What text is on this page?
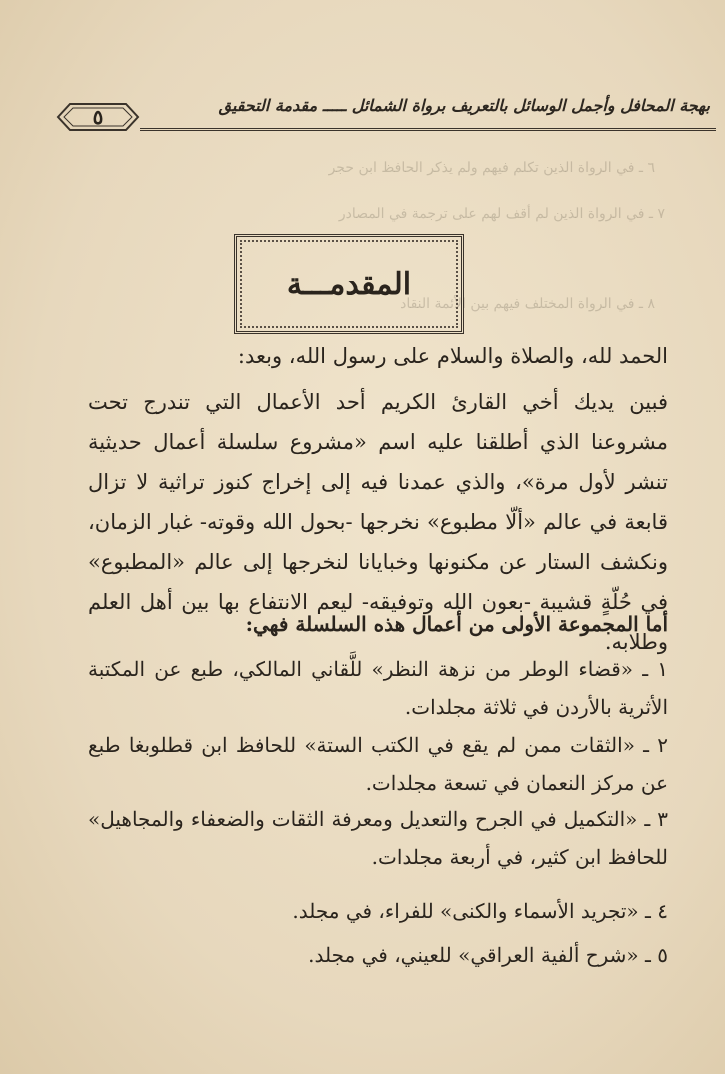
٥	بهجة المحافل وأجمل الوسائل بالتعريف برواة الشمائل ـــــ مقدمة التحقيق
٦ ـ في الرواة الذين تكلم فيهم ولم يذكر الحافظ ابن حجر
٧ ـ في الرواة الذين لم أقف لهم على ترجمة في المصادر
٨ ـ في الرواة المختلف فيهم بين الأئمة النقاد
المقدمـــة
الحمد لله، والصلاة والسلام على رسول الله، وبعد:
فبين يديك أخي القارئ الكريم أحد الأعمال التي تندرج تحت مشروعنا الذي أطلقنا عليه اسم «مشروع سلسلة أعمال حديثية تنشر لأول مرة»، والذي عمدنا فيه إلى إخراج كنوز تراثية لا تزال قابعة في عالم «ألّا مطبوع» نخرجها -بحول الله وقوته- غبار الزمان، ونكشف الستار عن مكنونها وخبايانا لنخرجها إلى عالم «المطبوع» في حُلّةٍ قشيبة -بعون الله وتوفيقه- ليعم الانتفاع بها بين أهل العلم وطلابه.
أما المجموعة الأولى من أعمال هذه السلسلة فهي:
١ ـ «قضاء الوطر من نزهة النظر» للَّقاني المالكي، طبع عن المكتبة الأثرية بالأردن في ثلاثة مجلدات.
٢ ـ «الثقات ممن لم يقع في الكتب الستة» للحافظ ابن قطلوبغا طبع عن مركز النعمان في تسعة مجلدات.
٣ ـ «التكميل في الجرح والتعديل ومعرفة الثقات والضعفاء والمجاهيل» للحافظ ابن كثير، في أربعة مجلدات.
٤ ـ «تجريد الأسماء والكنى» للفراء، في مجلد.
٥ ـ «شرح ألفية العراقي» للعيني، في مجلد.
